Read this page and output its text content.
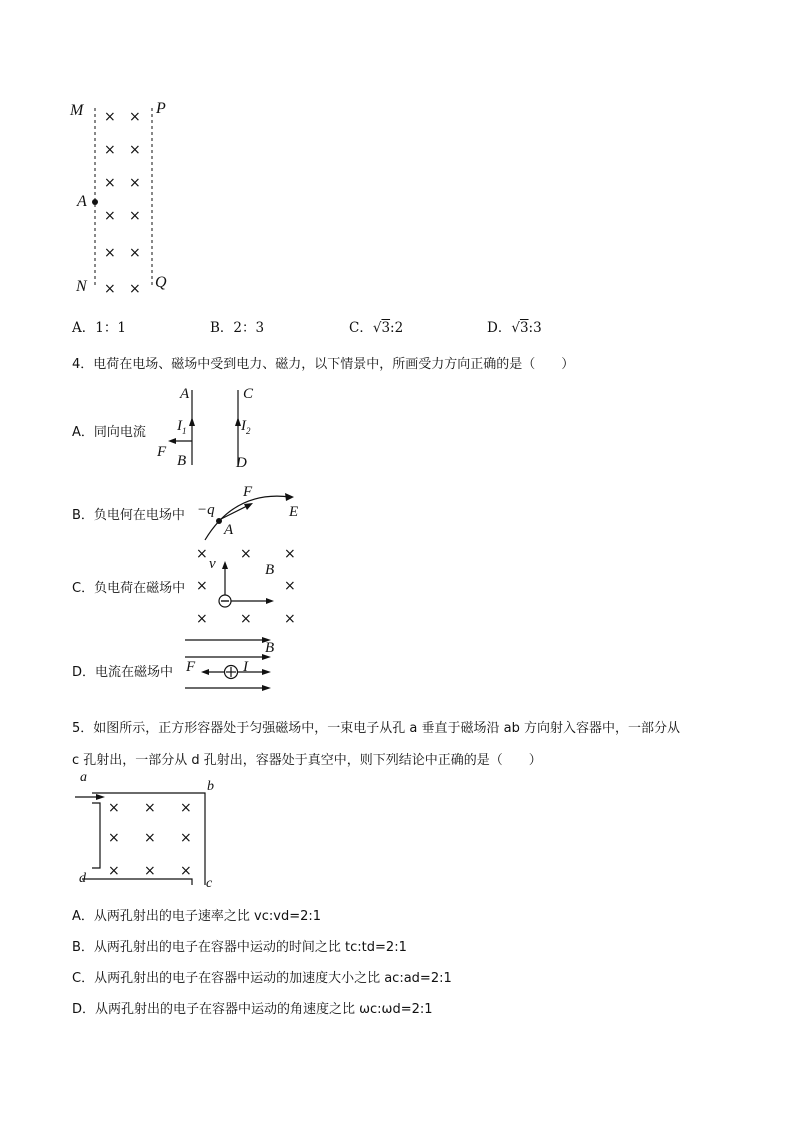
× ×
× ×
× ×
× ×
× ×
× ×
M	P
A
N	Q
A．1：1	B．2：3	C．√3:2	D．√3:3
4．电荷在电场、磁场中受到电力、磁力，以下情景中，所画受力方向正确的是（　　）
A．同向电流
A	C
$I_1$	$I_2$
F
B	D
B．负电何在电场中 −q
F
E
A
C．负电荷在磁场中
× × ×
×	×
× × ×
v	B
D．电流在磁场中
B
F	I
5．如图所示，正方形容器处于匀强磁场中，一束电子从孔 a 垂直于磁场沿 ab 方向射入容器中，一部分从
c 孔射出，一部分从 d 孔射出，容器处于真空中，则下列结论中正确的是（　　）
× × ×
× × ×
× × ×
a
b
d	c
A．从两孔射出的电子速率之比 vc:vd=2:1
B．从两孔射出的电子在容器中运动的时间之比 tc:td=2:1
C．从两孔射出的电子在容器中运动的加速度大小之比 ac:ad=2:1
D．从两孔射出的电子在容器中运动的角速度之比 ωc:ωd=2:1
